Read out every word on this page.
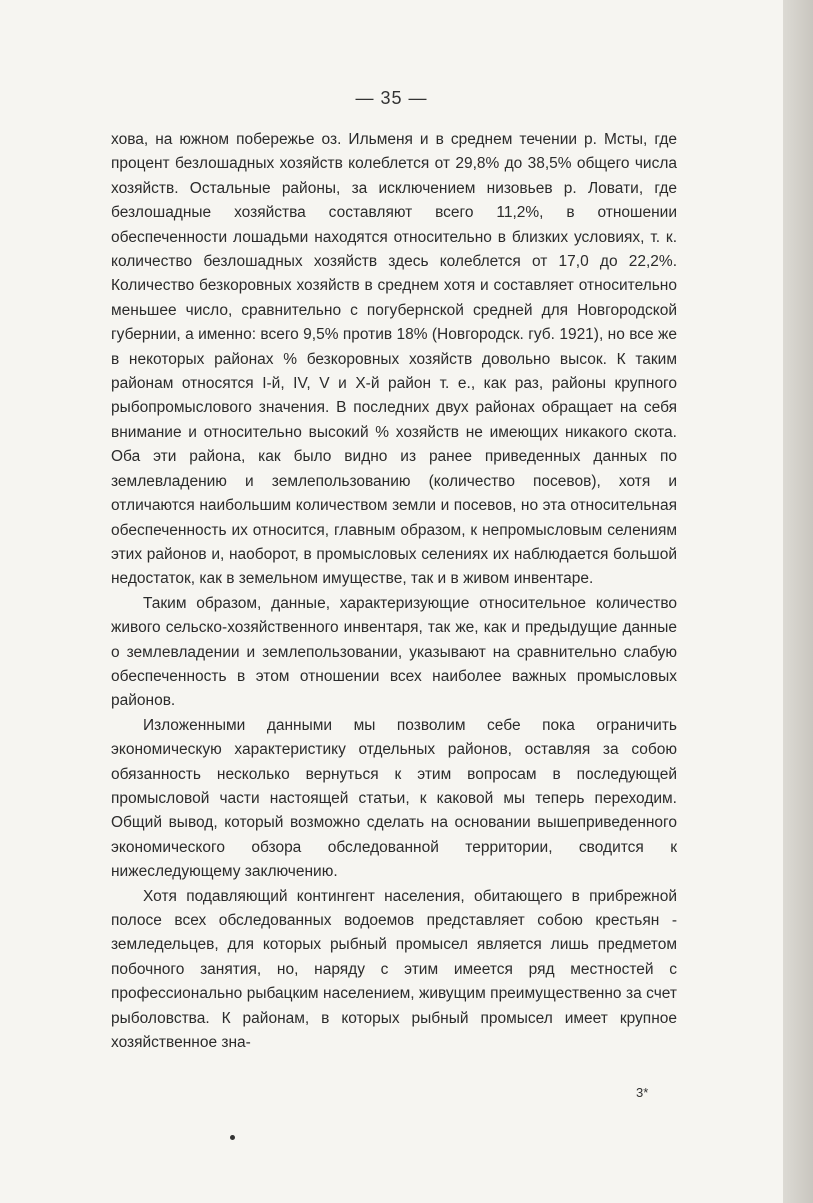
— 35 —

хова, на южном побережье оз. Ильменя и в среднем течении р. Мсты, где процент безлошадных хозяйств колеблется от 29,8% до 38,5% общего числа хозяйств. Остальные районы, за исключением низовьев р. Ловати, где безлошадные хозяйства составляют всего 11,2%, в отношении обеспеченности лошадьми находятся относительно в близких условиях, т. к. количество безлошадных хозяйств здесь колеблется от 17,0 до 22,2%. Количество безкоровных хозяйств в среднем хотя и составляет относительно меньшее число, сравнительно с погубернской средней для Новгородской губернии, а именно: всего 9,5% против 18% (Новгородск. губ. 1921), но все же в некоторых районах % безкоровных хозяйств довольно высок. К таким районам относятся I-й, IV, V и X-й район т. е., как раз, районы крупного рыбопромыслового значения. В последних двух районах обращает на себя внимание и относительно высокий % хозяйств не имеющих никакого скота. Оба эти района, как было видно из ранее приведенных данных по землевладению и землепользованию (количество посевов), хотя и отличаются наибольшим количеством земли и посевов, но эта относительная обеспеченность их относится, главным образом, к непромысловым селениям этих районов и, наоборот, в промысловых селениях их наблюдается большой недостаток, как в земельном имуществе, так и в живом инвентаре.

Таким образом, данные, характеризующие относительное количество живого сельско-хозяйственного инвентаря, так же, как и предыдущие данные о землевладении и землепользовании, указывают на сравнительно слабую обеспеченность в этом отношении всех наиболее важных промысловых районов.

Изложенными данными мы позволим себе пока ограничить экономическую характеристику отдельных районов, оставляя за собою обязанность несколько вернуться к этим вопросам в последующей промысловой части настоящей статьи, к каковой мы теперь переходим. Общий вывод, который возможно сделать на основании вышеприведенного экономического обзора обследованной территории, сводится к нижеследующему заключению.

Хотя подавляющий контингент населения, обитающего в прибрежной полосе всех обследованных водоемов представляет собою крестьян - земледельцев, для которых рыбный промысел является лишь предметом побочного занятия, но, наряду с этим имеется ряд местностей с профессионально рыбацким населением, живущим преимущественно за счет рыболовства. К районам, в которых рыбный промысел имеет крупное хозяйственное зна-

3*
